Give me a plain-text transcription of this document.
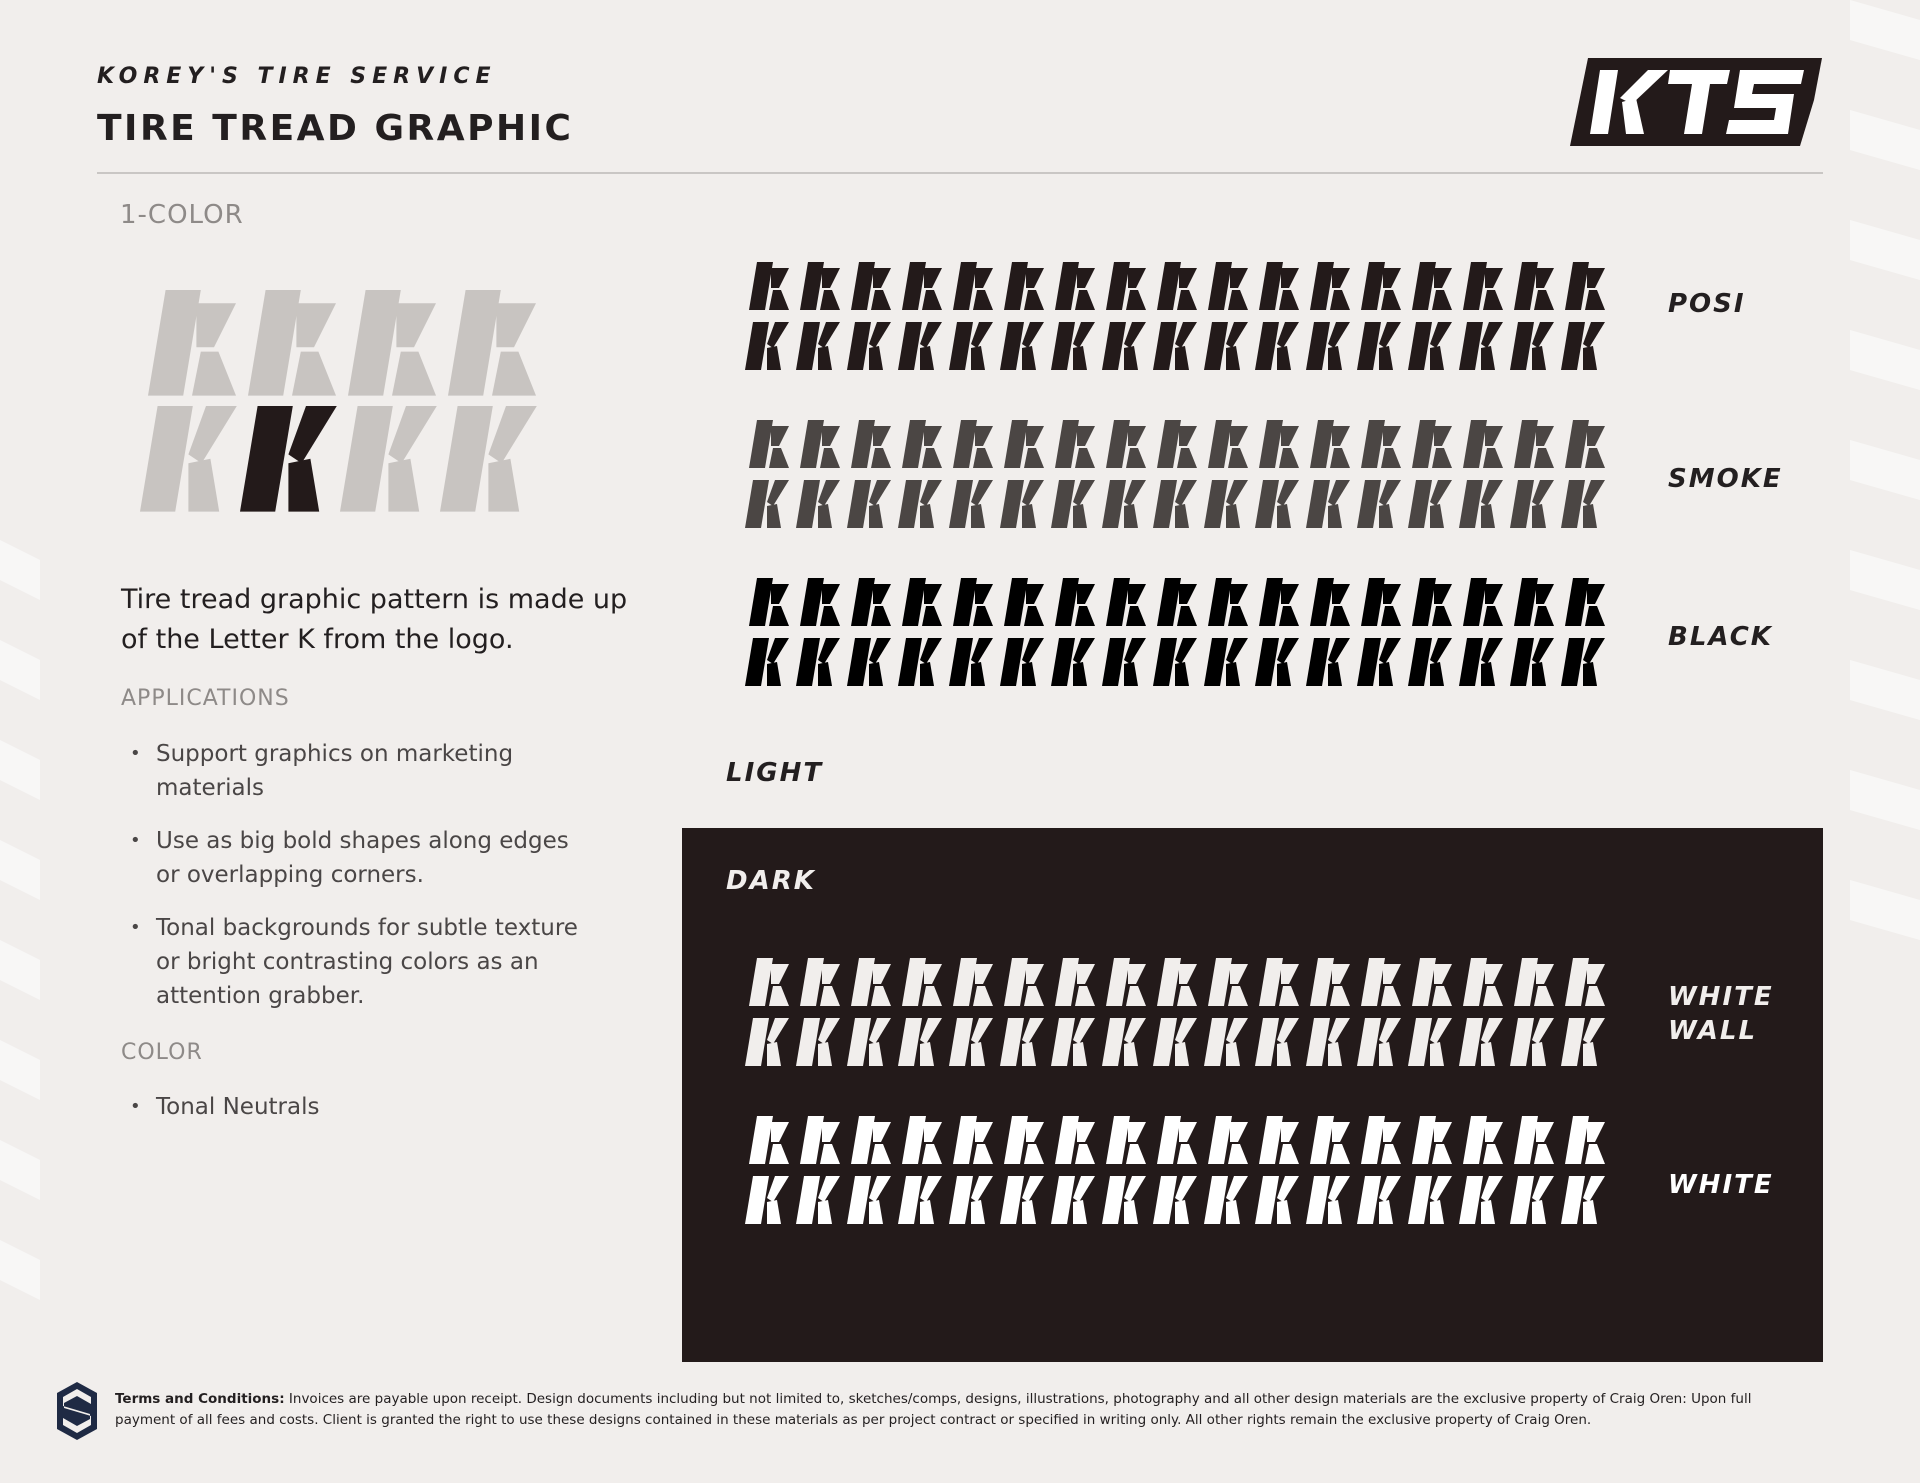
KOREY'S TIRE SERVICE
TIRE TREAD GRAPHIC
1-COLOR
Tire tread graphic pattern is made up of the Letter K from the logo.
APPLICATIONS
• Support graphics on marketing materials
• Use as big bold shapes along edges or overlapping corners.
• Tonal backgrounds for subtle texture or bright contrasting colors as an attention grabber.
COLOR
• Tonal Neutrals
POSI
SMOKE
BLACK
LIGHT
DARK
WHITE WALL
WHITE
Terms and Conditions: Invoices are payable upon receipt. Design documents including but not limited to, sketches/comps, designs, illustrations, photography and all other design materials are the exclusive property of Craig Oren: Upon full payment of all fees and costs. Client is granted the right to use these designs contained in these materials as per project contract or specified in writing only. All other rights remain the exclusive property of Craig Oren.
